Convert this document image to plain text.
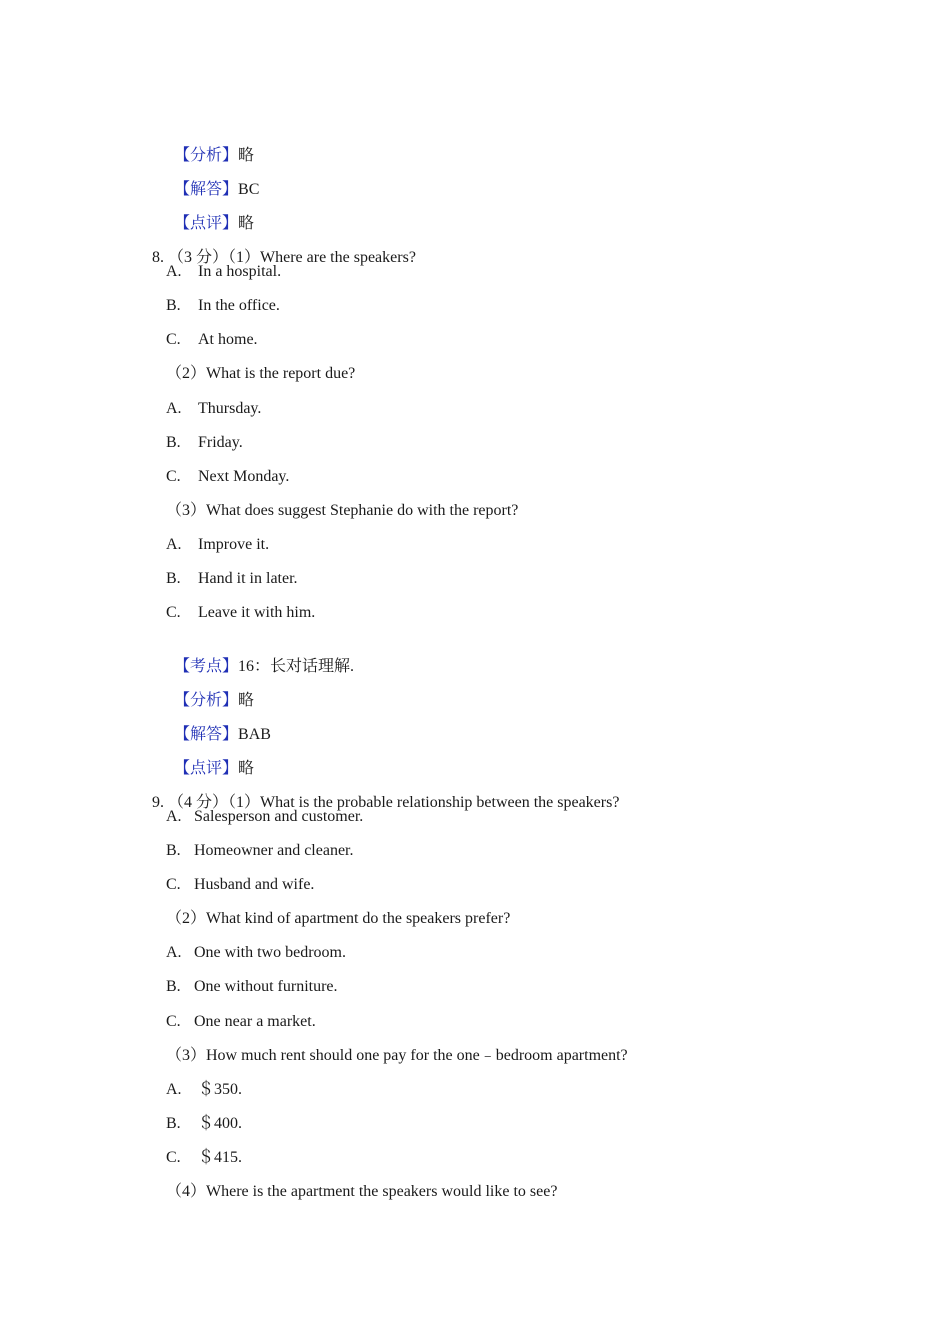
【分析】略

【解答】BC

【点评】略

8. （3 分）（1）Where are the speakers?

A. In a hospital.
B. In the office.
C. At home.
（2）What is the report due?
A. Thursday.
B. Friday.
C. Next Monday.
（3）What does suggest Stephanie do with the report?
A. Improve it.
B. Hand it in later.
C. Leave it with him.

【考点】16：长对话理解.

【分析】略

【解答】BAB

【点评】略

9. （4 分）（1）What is the probable relationship between the speakers?

A. Salesperson and customer.
B. Homeowner and cleaner.
C. Husband and wife.
（2）What kind of apartment do the speakers prefer?
A. One with two bedroom.
B. One without furniture.
C. One near a market.
（3）How much rent should one pay for the one﹣bedroom apartment?
A. ＄350.
B. ＄400.
C. ＄415.
（4）Where is the apartment the speakers would like to see?
